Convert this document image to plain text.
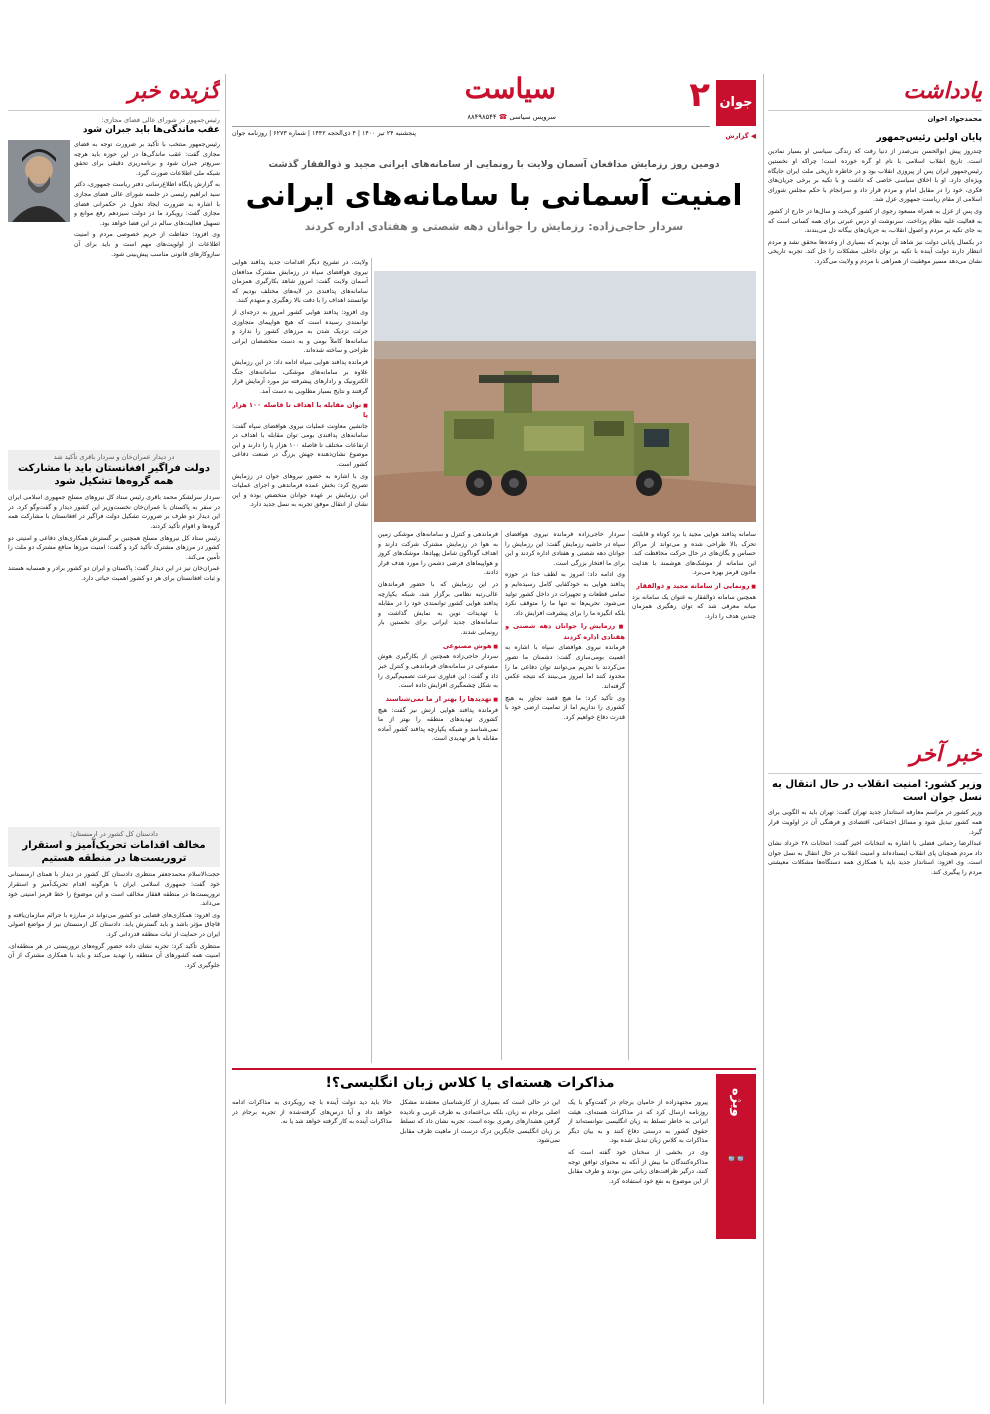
یادداشت
محمدجواد اخوان
پایان اولین رئیس‌جمهور

چندروز پیش ابوالحسن بنی‌صدر از دنیا رفت که زندگی سیاسی او بسیار نمادین است. تاریخ انقلاب اسلامی با نام او گره خورده است؛ چراکه او نخستین رئیس‌جمهور ایران پس از پیروزی انقلاب بود و در خاطره تاریخی ملت ایران جایگاه ویژه‌ای دارد. او با اخلاق سیاسی خاصی که داشت و با تکیه بر برخی جریان‌های فکری، خود را در مقابل امام و مردم قرار داد و سرانجام با حکم مجلس شورای اسلامی از مقام ریاست جمهوری عزل شد.

وی پس از عزل به همراه مسعود رجوی از کشور گریخت و سال‌ها در خارج از کشور به فعالیت علیه نظام پرداخت. سرنوشت او درس عبرتی برای همه کسانی است که به جای تکیه بر مردم و اصول انقلاب، به جریان‌های بیگانه دل می‌بندند.

در یکسال پایانی دولت نیز شاهد آن بودیم که بسیاری از وعده‌ها محقق نشد و مردم انتظار دارند دولت آینده با تکیه بر توان داخلی مشکلات را حل کند. تجربه تاریخی نشان می‌دهد مسیر موفقیت از همراهی با مردم و ولایت می‌گذرد.

خبر آخر
وزیر کشور: امنیت انقلاب در حال انتقال به نسل جوان است

وزیر کشور در مراسم معارفه استاندار جدید تهران گفت: تهران باید به الگویی برای همه کشور تبدیل شود و مسائل اجتماعی، اقتصادی و فرهنگی آن در اولویت قرار گیرد.

عبدالرضا رحمانی فضلی با اشاره به انتخابات اخیر گفت: انتخابات ۲۸ خرداد نشان داد مردم همچنان پای انقلاب ایستاده‌اند و امنیت انقلاب در حال انتقال به نسل جوان است. وی افزود: استاندار جدید باید با همکاری همه دستگاه‌ها مشکلات معیشتی مردم را پیگیری کند.

جوان
۲
سیاست
سرویس سیاسی ☎ ۸۸۴۹۸۵۴۴
پنجشنبه ۲۴ تیر ۱۴۰۰ | ۴ ذی‌الحجه ۱۴۴۲ | شماره ۶۲۷۳ | روزنامه جوان	◀ گزارش
دومین روز رزمایش مدافعان آسمان ولایت با رونمایی از سامانه‌های ایرانی مجید و ذوالفقار گذشت
امنیت آسمانی با سامانه‌های ایرانی
سردار حاجی‌زاده: رزمایش را جوانان دهه شصتی و هفتادی اداره کردند

ولایت، در تشریح دیگر اقدامات جدید پدافند هوایی نیروی هوافضای سپاه در رزمایش مشترک مدافعان آسمان ولایت گفت: امروز شاهد بکارگیری همزمان سامانه‌های پدافندی در لایه‌های مختلف بودیم که توانستند اهداف را با دقت بالا رهگیری و منهدم کنند.

وی افزود: پدافند هوایی کشور امروز به درجه‌ای از توانمندی رسیده است که هیچ هواپیمای متجاوزی جرئت نزدیک شدن به مرزهای کشور را ندارد و سامانه‌ها کاملاً بومی و به دست متخصصان ایرانی طراحی و ساخته شده‌اند.

فرمانده پدافند هوایی سپاه ادامه داد: در این رزمایش علاوه بر سامانه‌های موشکی، سامانه‌های جنگ الکترونیک و رادارهای پیشرفته نیز مورد آزمایش قرار گرفتند و نتایج بسیار مطلوبی به دست آمد.

■ توان مقابله با اهداف تا فاصله ۱۰۰ هزار پا

جانشین معاونت عملیات نیروی هوافضای سپاه گفت: سامانه‌های پدافندی بومی توان مقابله با اهداف در ارتفاعات مختلف تا فاصله ۱۰۰ هزار پا را دارند و این موضوع نشان‌دهنده جهش بزرگ در صنعت دفاعی کشور است.

وی با اشاره به حضور نیروهای جوان در رزمایش تصریح کرد: بخش عمده فرماندهی و اجرای عملیات این رزمایش بر عهده جوانان متخصص بوده و این نشان از انتقال موفق تجربه به نسل جدید دارد.

فرماندهی و کنترل و سامانه‌های موشکی زمین به هوا در رزمایش مشترک شرکت دارند و اهداف گوناگون شامل پهپادها، موشک‌های کروز و هواپیماهای فرضی دشمن را مورد هدف قرار دادند.

در این رزمایش که با حضور فرماندهان عالی‌رتبه نظامی برگزار شد، شبکه یکپارچه پدافند هوایی کشور توانمندی خود را در مقابله با تهدیدات نوین به نمایش گذاشت و سامانه‌های جدید ایرانی برای نخستین بار رونمایی شدند.

■ هوش مصنوعی

سردار حاجی‌زاده همچنین از بکارگیری هوش مصنوعی در سامانه‌های فرماندهی و کنترل خبر داد و گفت: این فناوری سرعت تصمیم‌گیری را به شکل چشمگیری افزایش داده است.

■ تهدیدها را بهتر از ما نمی‌شناسند

فرمانده پدافند هوایی ارتش نیز گفت: هیچ کشوری تهدیدهای منطقه را بهتر از ما نمی‌شناسد و شبکه یکپارچه پدافند کشور آماده مقابله با هر تهدیدی است.

سردار حاجی‌زاده فرمانده نیروی هوافضای سپاه در حاشیه رزمایش گفت: این رزمایش را جوانان دهه شصتی و هفتادی اداره کردند و این برای ما افتخار بزرگی است.

وی ادامه داد: امروز به لطف خدا در حوزه پدافند هوایی به خودکفایی کامل رسیده‌ایم و تمامی قطعات و تجهیزات در داخل کشور تولید می‌شود. تحریم‌ها نه تنها ما را متوقف نکرد بلکه انگیزه ما را برای پیشرفت افزایش داد.

■ رزمایش را جوانان دهه شصتی و هفتادی اداره کردند

فرمانده نیروی هوافضای سپاه با اشاره به اهمیت بومی‌سازی گفت: دشمنان ما تصور می‌کردند با تحریم می‌توانند توان دفاعی ما را محدود کنند اما امروز می‌بینند که نتیجه عکس گرفته‌اند.

وی تأکید کرد: ما هیچ قصد تجاوز به هیچ کشوری را نداریم اما از تمامیت ارضی خود با قدرت دفاع خواهیم کرد.

سامانه پدافند هوایی مجید با برد کوتاه و قابلیت تحرک بالا طراحی شده و می‌تواند از مراکز حساس و یگان‌های در حال حرکت محافظت کند. این سامانه از موشک‌های هوشمند با هدایت مادون قرمز بهره می‌برد.

■ رونمایی از سامانه مجید و ذوالفقار

همچنین سامانه ذوالفقار به عنوان یک سامانه برد میانه معرفی شد که توان رهگیری همزمان چندین هدف را دارد.

ویژه
👓
مذاکرات هسته‌ای یا کلاس زبان انگلیسی؟!

پیروز مجتهدزاده از حامیان برجام در گفت‌وگو با یک روزنامه ارسال کرد که در مذاکرات هسته‌ای، هیئت ایرانی به خاطر تسلط به زبان انگلیسی نتوانسته‌اند از حقوق کشور به درستی دفاع کنند و به بیان دیگر مذاکرات به کلاس زبان تبدیل شده بود.

وی در بخشی از سخنان خود گفته است که مذاکره‌کنندگان ما بیش از آنکه به محتوای توافق توجه کنند، درگیر ظرافت‌های زبانی متن بودند و طرف مقابل از این موضوع به نفع خود استفاده کرد.

این در حالی است که بسیاری از کارشناسان معتقدند مشکل اصلی برجام نه زبان، بلکه بی‌اعتمادی به طرف غربی و نادیده گرفتن هشدارهای رهبری بوده است. تجربه نشان داد که تسلط بر زبان انگلیسی جایگزین درک درست از ماهیت طرف مقابل نمی‌شود.

حالا باید دید دولت آینده با چه رویکردی به مذاکرات ادامه خواهد داد و آیا درس‌های گرفته‌شده از تجربه برجام در مذاکرات آینده به کار گرفته خواهد شد یا نه.

گزیده خبر
رئیس‌جمهور در شورای عالی فضای مجازی:
عقب ماندگی‌ها باید جبران شود

رئیس‌جمهور منتخب با تأکید بر ضرورت توجه به فضای مجازی گفت: عقب ماندگی‌ها در این حوزه باید هرچه سریع‌تر جبران شود و برنامه‌ریزی دقیقی برای تحقق شبکه ملی اطلاعات صورت گیرد.

به گزارش پایگاه اطلاع‌رسانی دفتر ریاست جمهوری، دکتر سید ابراهیم رئیسی در جلسه شورای عالی فضای مجازی با اشاره به ضرورت ایجاد تحول در حکمرانی فضای مجازی گفت: رویکرد ما در دولت سیزدهم رفع موانع و تسهیل فعالیت‌های سالم در این فضا خواهد بود.

وی افزود: حفاظت از حریم خصوصی مردم و امنیت اطلاعات از اولویت‌های مهم است و باید برای آن سازوکارهای قانونی مناسب پیش‌بینی شود.

در دیدار عمران‌خان و سردار باقری تأکید شد
دولت فراگیر افغانستان باید با مشارکت همه گروه‌ها تشکیل شود

سردار سرلشکر محمد باقری رئیس ستاد کل نیروهای مسلح جمهوری اسلامی ایران در سفر به پاکستان با عمران‌خان نخست‌وزیر این کشور دیدار و گفت‌وگو کرد. در این دیدار دو طرف بر ضرورت تشکیل دولت فراگیر در افغانستان با مشارکت همه گروه‌ها و اقوام تأکید کردند.

رئیس ستاد کل نیروهای مسلح همچنین بر گسترش همکاری‌های دفاعی و امنیتی دو کشور در مرزهای مشترک تأکید کرد و گفت: امنیت مرزها منافع مشترک دو ملت را تأمین می‌کند.

عمران‌خان نیز در این دیدار گفت: پاکستان و ایران دو کشور برادر و همسایه هستند و ثبات افغانستان برای هر دو کشور اهمیت حیاتی دارد.

دادستان کل کشور در ارمنستان:
مخالف اقدامات تحریک‌آمیز و استقرار تروریست‌ها در منطقه هستیم

حجت‌الاسلام محمدجعفر منتظری دادستان کل کشور در دیدار با همتای ارمنستانی خود گفت: جمهوری اسلامی ایران با هرگونه اقدام تحریک‌آمیز و استقرار تروریست‌ها در منطقه قفقاز مخالف است و این موضوع را خط قرمز امنیتی خود می‌داند.

وی افزود: همکاری‌های قضایی دو کشور می‌تواند در مبارزه با جرائم سازمان‌یافته و قاچاق مؤثر باشد و باید گسترش یابد. دادستان کل ارمنستان نیز از مواضع اصولی ایران در حمایت از ثبات منطقه قدردانی کرد.

منتظری تأکید کرد: تجربه نشان داده حضور گروه‌های تروریستی در هر منطقه‌ای، امنیت همه کشورهای آن منطقه را تهدید می‌کند و باید با همکاری مشترک از آن جلوگیری کرد.
